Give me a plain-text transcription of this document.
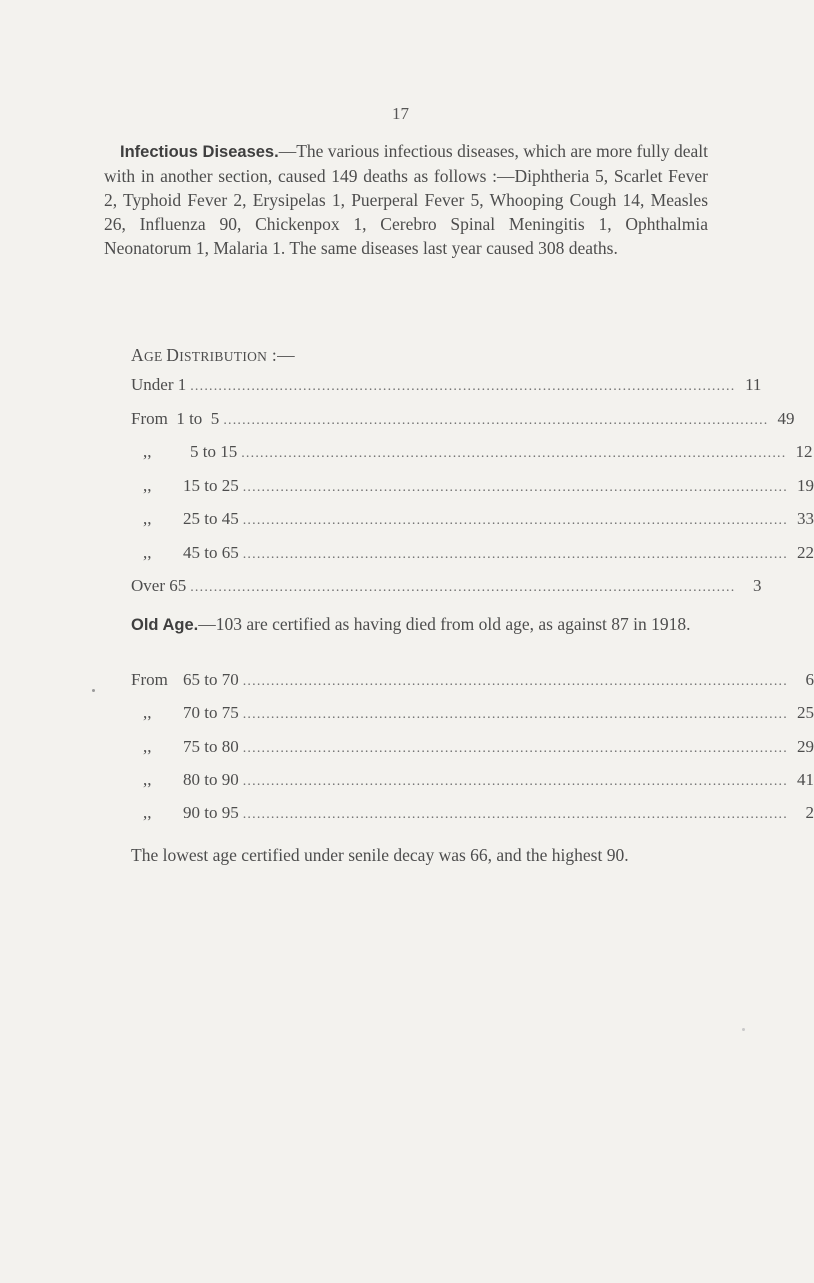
17
Infectious Diseases.—The various infectious diseases, which are more fully dealt with in another section, caused 149 deaths as follows :—Diphtheria 5, Scarlet Fever 2, Typhoid Fever 2, Erysipelas 1, Puerperal Fever 5, Whooping Cough 14, Measles 26, Influenza 90, Chickenpox 1, Cerebro Spinal Meningitis 1, Ophthalmia Neonatorum 1, Malaria 1. The same diseases last year caused 308 deaths.
AGE DISTRIBUTION :—
Under 1 .................................................................................................................... 11
From  1 to  5 .................................................................................................................... 49
,, 5 to 15 .................................................................................................................... 12
,, 15 to 25 .................................................................................................................... 19
,, 25 to 45 .................................................................................................................... 33
,, 45 to 65 .................................................................................................................... 22
Over 65 ....................................................................................................................	3
Old Age.—103 are certified as having died from old age, as against 87 in 1918.
From 65 to 70 ....................................................................................................................	6
,, 70 to 75 .................................................................................................................... 25
,, 75 to 80 .................................................................................................................... 29
,, 80 to 90 .................................................................................................................... 41
,, 90 to 95 ....................................................................................................................	2
The lowest age certified under senile decay was 66, and the highest 90.
